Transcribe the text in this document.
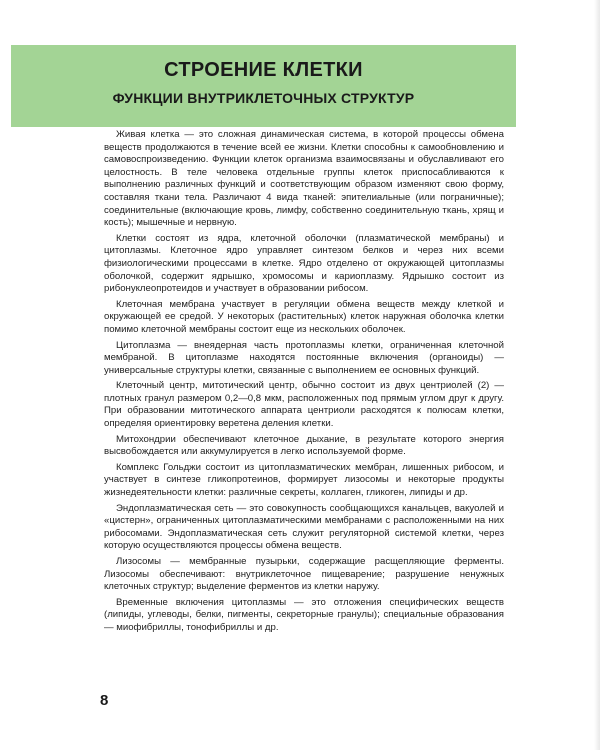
СТРОЕНИЕ КЛЕТКИ
ФУНКЦИИ ВНУТРИКЛЕТОЧНЫХ СТРУКТУР

Живая клетка — это сложная динамическая система, в которой процессы обмена веществ продолжаются в течение всей ее жизни. Клетки способны к самообновлению и самовоспроизведению. Функции клеток организма взаимосвязаны и обуславливают его целостность. В теле человека отдельные группы клеток приспосабливаются к выполнению различных функций и соответствующим образом изменяют свою форму, составляя ткани тела. Различают 4 вида тканей: эпителиальные (или пограничные); соединительные (включающие кровь, лимфу, собственно соединительную ткань, хрящ и кость); мышечные и нервную.

Клетки состоят из ядра, клеточной оболочки (плазматической мембраны) и цитоплазмы. Клеточное ядро управляет синтезом белков и через них всеми физиологическими процессами в клетке. Ядро отделено от окружающей цитоплазмы оболочкой, содержит ядрышко, хромосомы и кариоплазму. Ядрышко состоит из рибонуклеопротеидов и участвует в образовании рибосом.

Клеточная мембрана участвует в регуляции обмена веществ между клеткой и окружающей ее средой. У некоторых (растительных) клеток наружная оболочка клетки помимо клеточной мембраны состоит еще из нескольких оболочек.

Цитоплазма — внеядерная часть протоплазмы клетки, ограниченная клеточной мембраной. В цитоплазме находятся постоянные включения (органоиды) — универсальные структуры клетки, связанные с выполнением ее основных функций.

Клеточный центр, митотический центр, обычно состоит из двух центриолей (2) — плотных гранул размером 0,2—0,8 мкм, расположенных под прямым углом друг к другу. При образовании митотического аппарата центриоли расходятся к полюсам клетки, определяя ориентировку веретена деления клетки.

Митохондрии обеспечивают клеточное дыхание, в результате которого энергия высвобождается или аккумулируется в легко используемой форме.

Комплекс Гольджи состоит из цитоплазматических мембран, лишенных рибосом, и участвует в синтезе гликопротеинов, формирует лизосомы и некоторые продукты жизнедеятельности клетки: различные секреты, коллаген, гликоген, липиды и др.

Эндоплазматическая сеть — это совокупность сообщающихся канальцев, вакуолей и «цистерн», ограниченных цитоплазматическими мембранами с расположенными на них рибосомами. Эндоплазматическая сеть служит регуляторной системой клетки, через которую осуществляются процессы обмена веществ.

Лизосомы — мембранные пузырьки, содержащие расщепляющие ферменты. Лизосомы обеспечивают: внутриклеточное пищеварение; разрушение ненужных клеточных структур; выделение ферментов из клетки наружу.

Временные включения цитоплазмы — это отложения специфических веществ (липиды, углеводы, белки, пигменты, секреторные гранулы); специальные образования — миофибриллы, тонофибриллы и др.

8
